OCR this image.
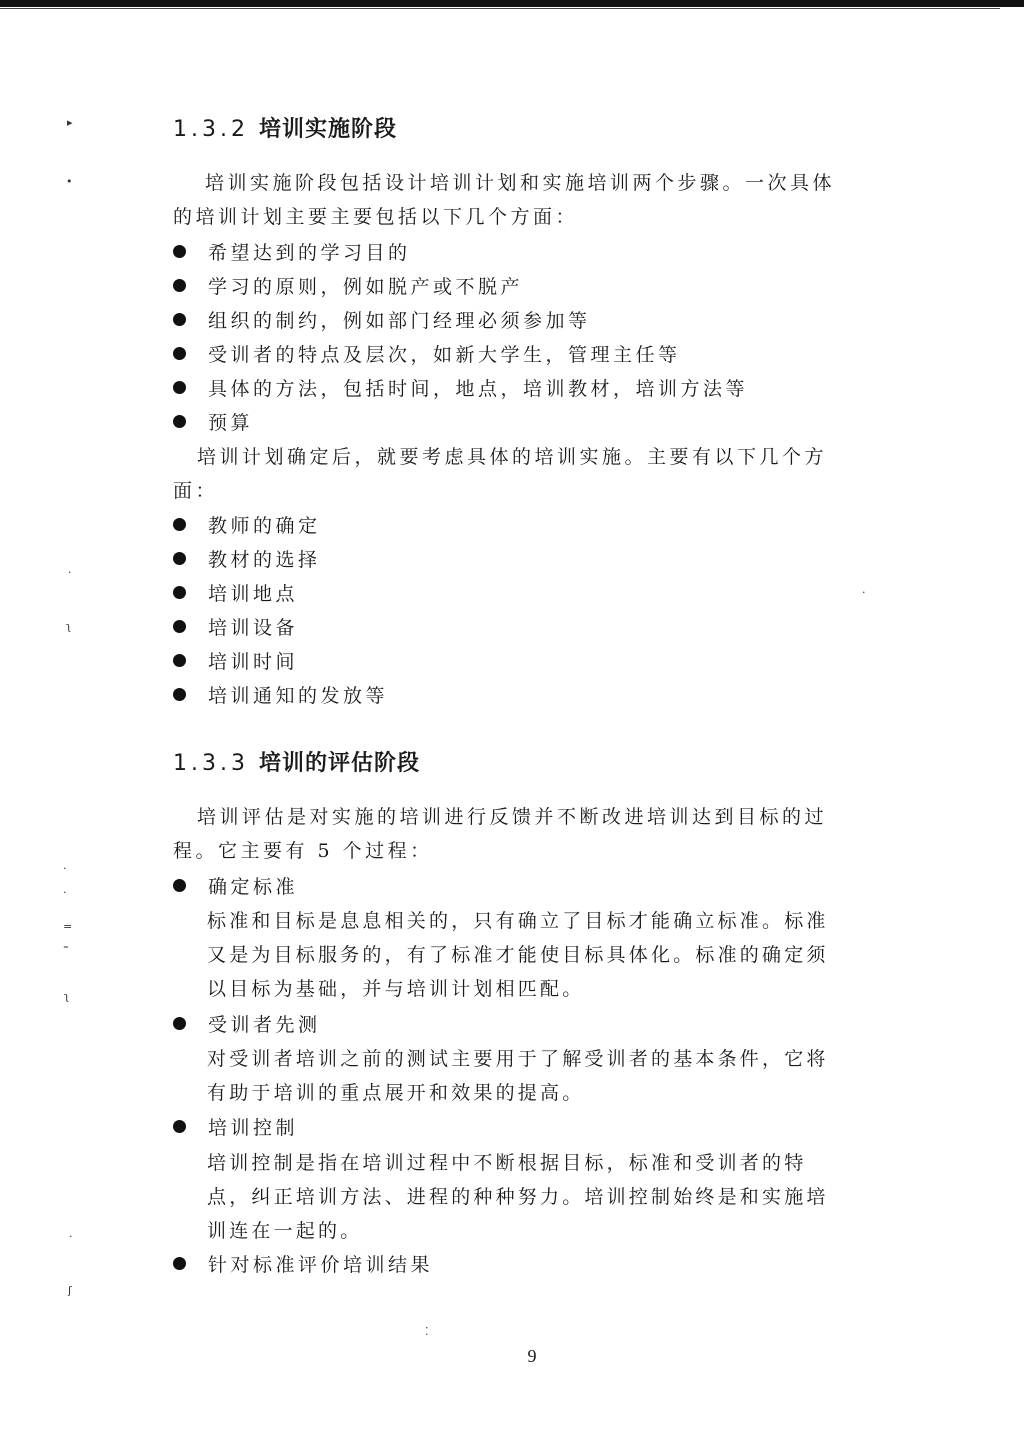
▸
•
·
ʅ
·
·
=
⁼
ʅ
·
ʃ
·
⁚
1.3.2 培训实施阶段
培训实施阶段包括设计培训计划和实施培训两个步骤。一次具体
的培训计划主要主要包括以下几个方面：
希望达到的学习目的
学习的原则，例如脱产或不脱产
组织的制约，例如部门经理必须参加等
受训者的特点及层次，如新大学生，管理主任等
具体的方法，包括时间，地点，培训教材，培训方法等
预算
培训计划确定后，就要考虑具体的培训实施。主要有以下几个方
面：
教师的确定
教材的选择
培训地点
培训设备
培训时间
培训通知的发放等
1.3.3 培训的评估阶段
培训评估是对实施的培训进行反馈并不断改进培训达到目标的过
程。它主要有 5 个过程：
确定标准
标准和目标是息息相关的，只有确立了目标才能确立标准。标准
又是为目标服务的，有了标准才能使目标具体化。标准的确定须
以目标为基础，并与培训计划相匹配。
受训者先测
对受训者培训之前的测试主要用于了解受训者的基本条件，它将
有助于培训的重点展开和效果的提高。
培训控制
培训控制是指在培训过程中不断根据目标，标准和受训者的特
点，纠正培训方法、进程的种种努力。培训控制始终是和实施培
训连在一起的。
针对标准评价培训结果
9
